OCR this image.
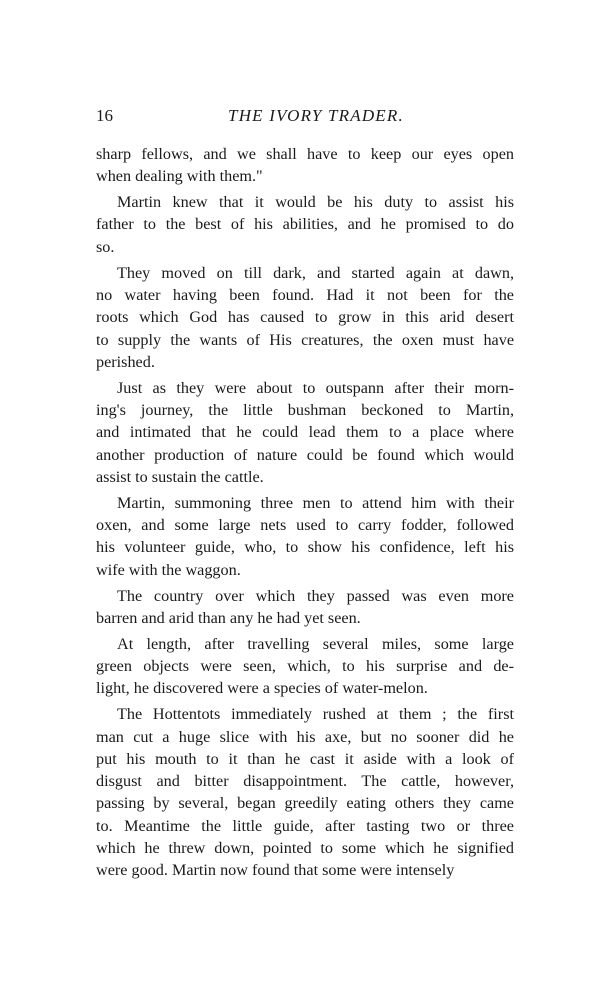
16	THE IVORY TRADER.

sharp fellows, and we shall have to keep our eyes open
when dealing with them."

Martin knew that it would be his duty to assist his
father to the best of his abilities, and he promised to do
so.

They moved on till dark, and started again at dawn,
no water having been found. Had it not been for the
roots which God has caused to grow in this arid desert
to supply the wants of His creatures, the oxen must have
perished.

Just as they were about to outspann after their morn-
ing's journey, the little bushman beckoned to Martin,
and intimated that he could lead them to a place where
another production of nature could be found which would
assist to sustain the cattle.

Martin, summoning three men to attend him with their
oxen, and some large nets used to carry fodder, followed
his volunteer guide, who, to show his confidence, left his
wife with the waggon.

The country over which they passed was even more
barren and arid than any he had yet seen.

At length, after travelling several miles, some large
green objects were seen, which, to his surprise and de-
light, he discovered were a species of water-melon.

The Hottentots immediately rushed at them ; the first
man cut a huge slice with his axe, but no sooner did he
put his mouth to it than he cast it aside with a look of
disgust and bitter disappointment. The cattle, however,
passing by several, began greedily eating others they came
to. Meantime the little guide, after tasting two or three
which he threw down, pointed to some which he signified
were good. Martin now found that some were intensely
